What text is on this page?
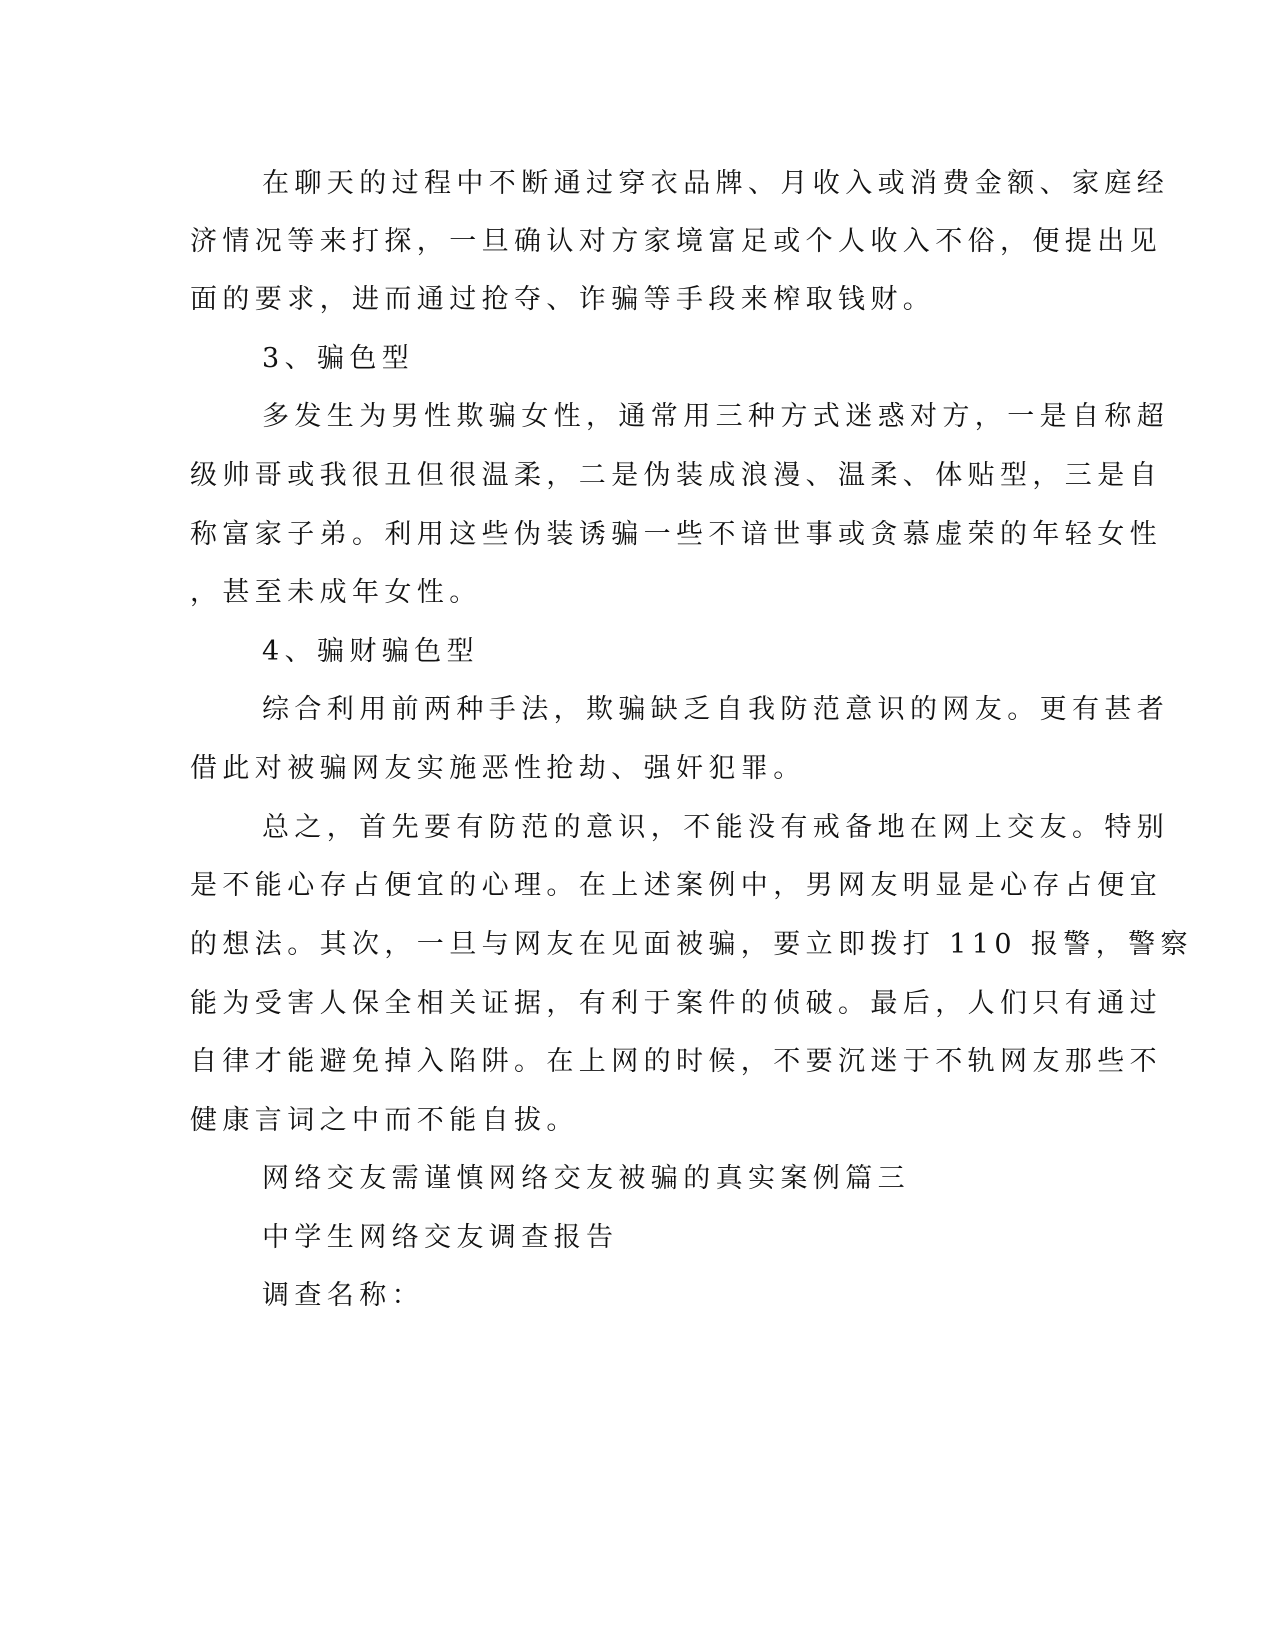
在聊天的过程中不断通过穿衣品牌、月收入或消费金额、家庭经
济情况等来打探，一旦确认对方家境富足或个人收入不俗，便提出见
面的要求，进而通过抢夺、诈骗等手段来榨取钱财。
3、骗色型
多发生为男性欺骗女性，通常用三种方式迷惑对方，一是自称超
级帅哥或我很丑但很温柔，二是伪装成浪漫、温柔、体贴型，三是自
称富家子弟。利用这些伪装诱骗一些不谙世事或贪慕虚荣的年轻女性
，甚至未成年女性。
4、骗财骗色型
综合利用前两种手法，欺骗缺乏自我防范意识的网友。更有甚者
借此对被骗网友实施恶性抢劫、强奸犯罪。
总之，首先要有防范的意识，不能没有戒备地在网上交友。特别
是不能心存占便宜的心理。在上述案例中，男网友明显是心存占便宜
的想法。其次，一旦与网友在见面被骗，要立即拨打 110 报警，警察
能为受害人保全相关证据，有利于案件的侦破。最后，人们只有通过
自律才能避免掉入陷阱。在上网的时候，不要沉迷于不轨网友那些不
健康言词之中而不能自拔。
网络交友需谨慎网络交友被骗的真实案例篇三
中学生网络交友调查报告
调查名称：
